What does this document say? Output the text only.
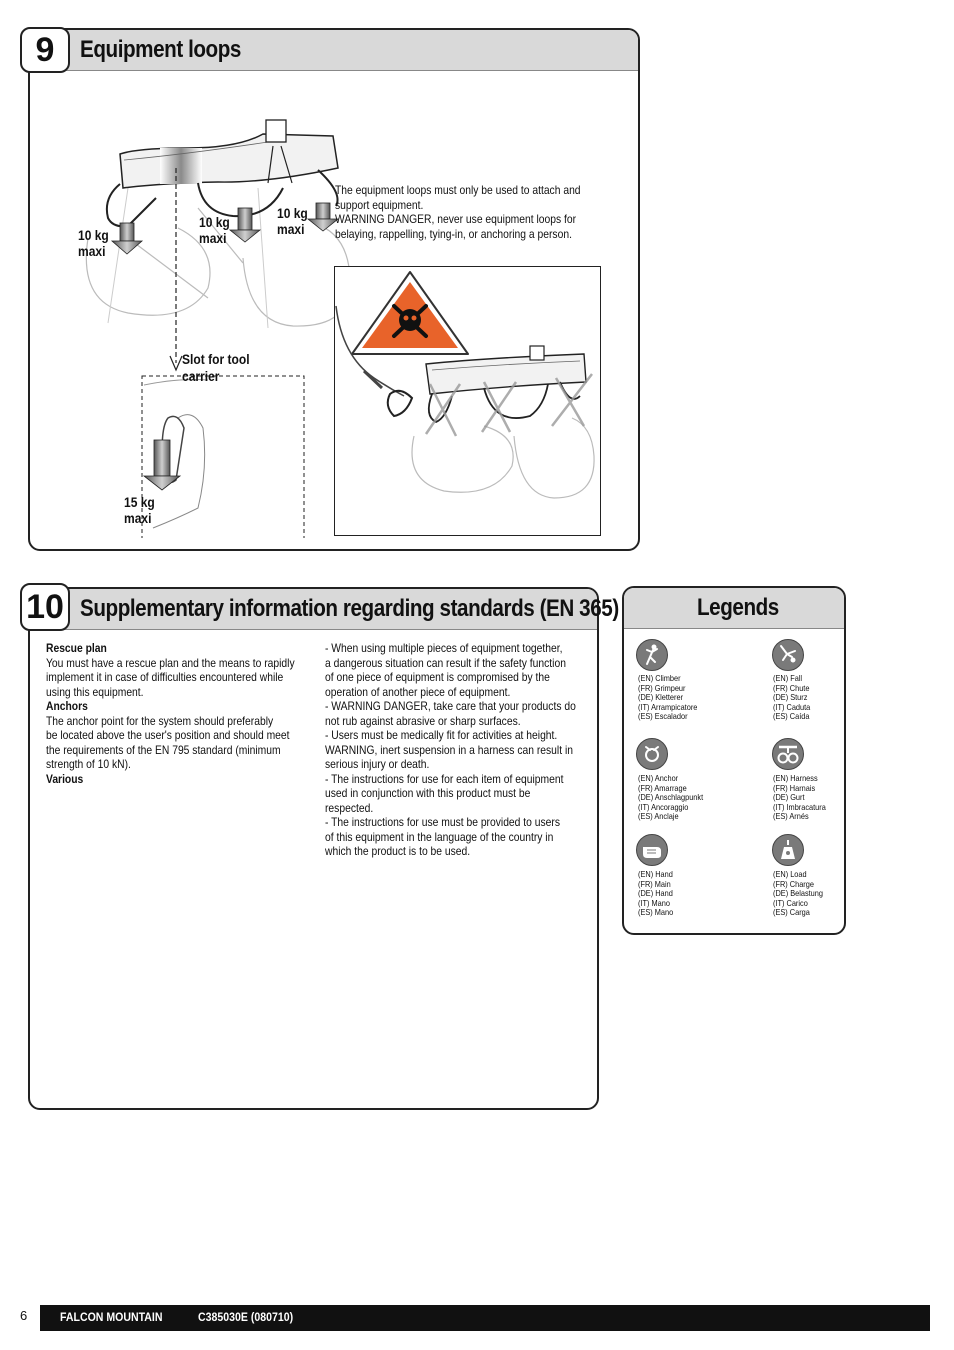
Equipment loops
10 kg
maxi
10 kg
maxi
10 kg
maxi
Slot for tool
carrier
15 kg
maxi
The equipment loops must only be used to attach and
support equipment.
WARNING DANGER, never use equipment loops for
belaying, rappelling, tying-in, or anchoring a person.
9
Supplementary information regarding standards (EN 365)
Rescue plan
You must have a rescue plan and the means to rapidly
implement it in case of difficulties encountered while
using this equipment.
Anchors
The anchor point for the system should preferably
be located above the user's position and should meet
the requirements of the EN 795 standard (minimum
strength of 10 kN).
Various
- When using multiple pieces of equipment together,
a dangerous situation can result if the safety function
of one piece of equipment is compromised by the
operation of another piece of equipment.
- WARNING DANGER, take care that your products do
not rub against abrasive or sharp surfaces.
- Users must be medically fit for activities at height.
WARNING, inert suspension in a harness can result in
serious injury or death.
- The instructions for use for each item of equipment
used in conjunction with this product must be
respected.
- The instructions for use must be provided to users
of this equipment in the language of the country in
which the product is to be used.
10	Legends
(EN) Climber
(FR) Grimpeur
(DE) Kletterer
(IT) Arrampicatore
(ES) Escalador
(EN) Fall
(FR) Chute
(DE) Sturz
(IT) Caduta
(ES) Caída
(EN) Anchor
(FR) Amarrage
(DE) Anschlagpunkt
(IT) Ancoraggio
(ES) Anclaje
(EN) Harness
(FR) Harnais
(DE) Gurt
(IT) Imbracatura
(ES) Arnés
(EN) Hand
(FR) Main
(DE) Hand
(IT) Mano
(ES) Mano
(EN) Load
(FR) Charge
(DE) Belastung
(IT) Carico
(ES) Carga
6	FALCON MOUNTAIN	C385030E (080710)
